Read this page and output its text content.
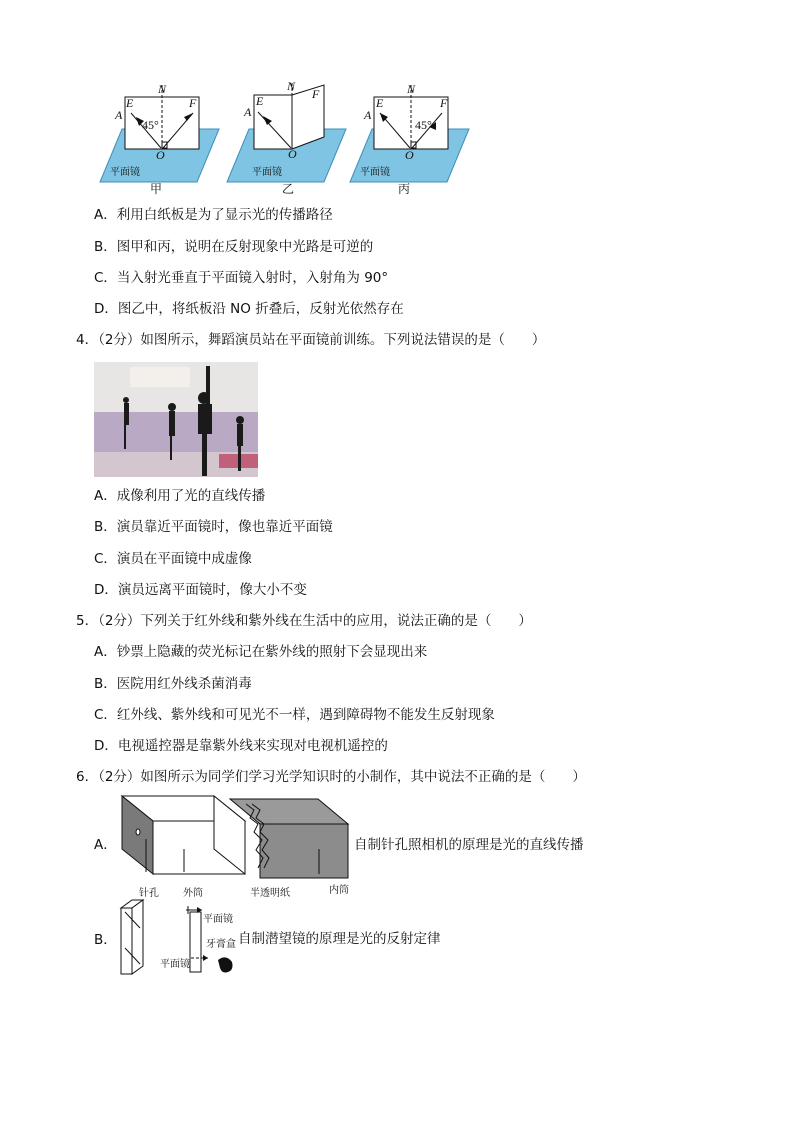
E
N
F
A
45°
O
平面镜
甲
E
N
F
A
O
平面镜
乙
E
N
F
A
45°
O
平面镜
丙
A．利用白纸板是为了显示光的传播路径
B．图甲和丙，说明在反射现象中光路是可逆的
C．当入射光垂直于平面镜入射时，入射角为 90°
D．图乙中，将纸板沿 NO 折叠后，反射光依然存在
4．（2分）如图所示，舞蹈演员站在平面镜前训练。下列说法错误的是（　　）
A．成像利用了光的直线传播
B．演员靠近平面镜时，像也靠近平面镜
C．演员在平面镜中成虚像
D．演员远离平面镜时，像大小不变
5．（2分）下列关于红外线和紫外线在生活中的应用，说法正确的是（　　）
A．钞票上隐藏的荧光标记在紫外线的照射下会显现出来
B．医院用红外线杀菌消毒
C．红外线、紫外线和可见光不一样，遇到障碍物不能发生反射现象
D．电视遥控器是靠紫外线来实现对电视机遥控的
6．（2分）如图所示为同学们学习光学知识时的小制作，其中说法不正确的是（　　）
A．
针孔 外筒	半透明纸	内筒
自制针孔照相机的原理是光的直线传播
B．
平面镜
牙膏盒
平面镜
自制潜望镜的原理是光的反射定律
